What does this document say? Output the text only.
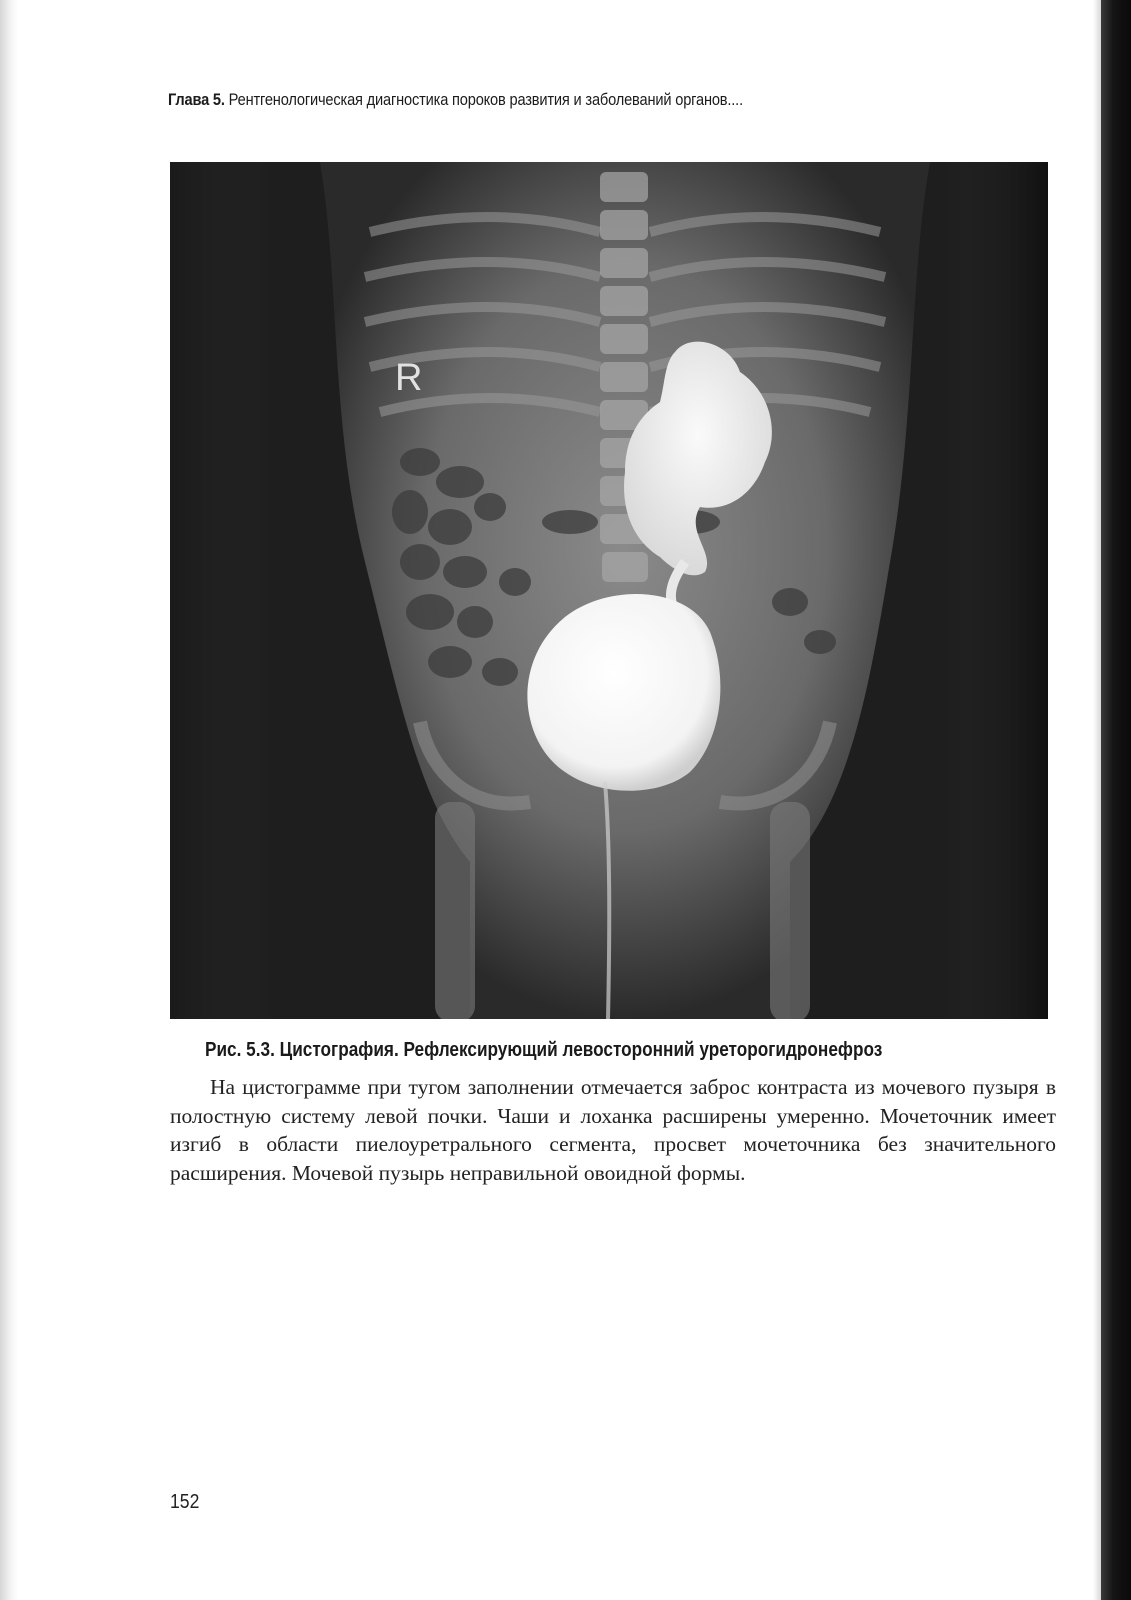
Глава 5. Рентгенологическая диагностика пороков развития и заболеваний органов....
R
Рис. 5.3. Цистография. Рефлексирующий левосторонний уреторогидронефроз
На цистограмме при тугом заполнении отмечается заброс контраста из мочевого пузыря в полостную систему левой почки. Чаши и лоханка расширены умеренно. Мочеточник имеет изгиб в области пиелоуретрального сегмента, просвет мочеточника без значительного расширения. Мочевой пузырь неправильной овоидной формы.
152
